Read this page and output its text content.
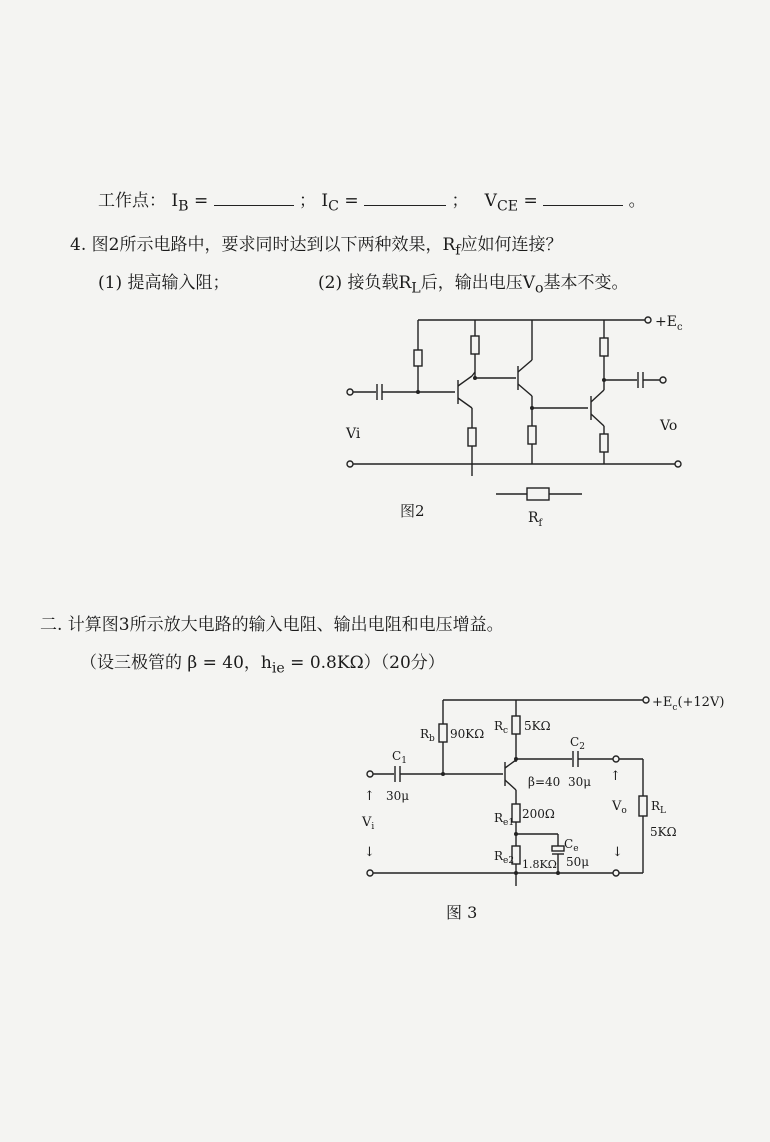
工作点： $I_B$ =	； $I_C$ =	； $V_{CE}$ =	。
4. 图2所示电路中，要求同时达到以下两种效果，$R_f$应如何连接？
(1) 提高输入阻；	(2) 接负载$R_L$后，输出电压$V_o$基本不变。
二. 计算图3所示放大电路的输入电阻、输出电阻和电压增益。
（设三极管的 β = 40，$h_{ie} = 0.8K\Omega)(20$分）
$+E_c$
Vi	Vo
$R_f$
图2
$+E_c(+12V)$
$R_b$ 90KΩ
$R_c$ 5KΩ
$C_1$
30μ
β=40
$C_2$
30μ
$R_L$
5KΩ
$R_{e1}$
200Ω
$C_e$
50μ
$R_{e2}$ 1.8KΩ
↑
$V_i$
↓
↑
$V_o$
↓
图 3
